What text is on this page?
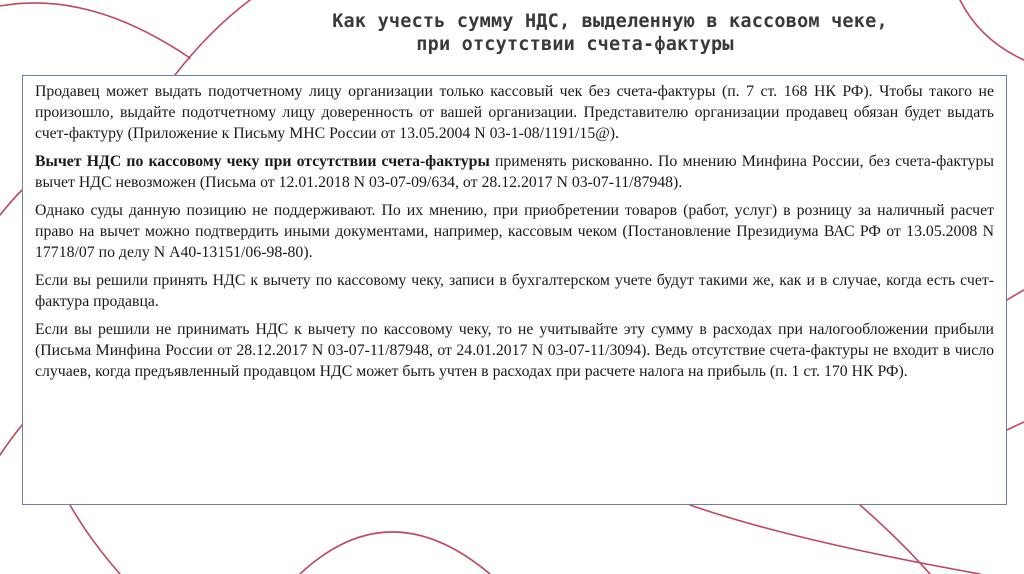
Как учесть сумму НДС, выделенную в кассовом чеке,
при отсутствии счета-фактуры

Продавец может выдать подотчетному лицу организации только кассовый чек без счета-фактуры (п. 7 ст. 168 НК РФ). Чтобы такого не произошло, выдайте подотчетному лицу доверенность от вашей организации. Представителю организации продавец обязан будет выдать счет-фактуру (Приложение к Письму МНС России от 13.05.2004 N 03-1-08/1191/15@).

Вычет НДС по кассовому чеку при отсутствии счета-фактуры применять рискованно. По мнению Минфина России, без счета-фактуры вычет НДС невозможен (Письма от 12.01.2018 N 03-07-09/634, от 28.12.2017 N 03-07-11/87948).

Однако суды данную позицию не поддерживают. По их мнению, при приобретении товаров (работ, услуг) в розницу за наличный расчет право на вычет можно подтвердить иными документами, например, кассовым чеком (Постановление Президиума ВАС РФ от 13.05.2008 N 17718/07 по делу N А40-13151/06-98-80).

Если вы решили принять НДС к вычету по кассовому чеку, записи в бухгалтерском учете будут такими же, как и в случае, когда есть счет-фактура продавца.

Если вы решили не принимать НДС к вычету по кассовому чеку, то не учитывайте эту сумму в расходах при налогообложении прибыли (Письма Минфина России от 28.12.2017 N 03-07-11/87948, от 24.01.2017 N 03-07-11/3094). Ведь отсутствие счета-фактуры не входит в число случаев, когда предъявленный продавцом НДС может быть учтен в расходах при расчете налога на прибыль (п. 1 ст. 170 НК РФ).
